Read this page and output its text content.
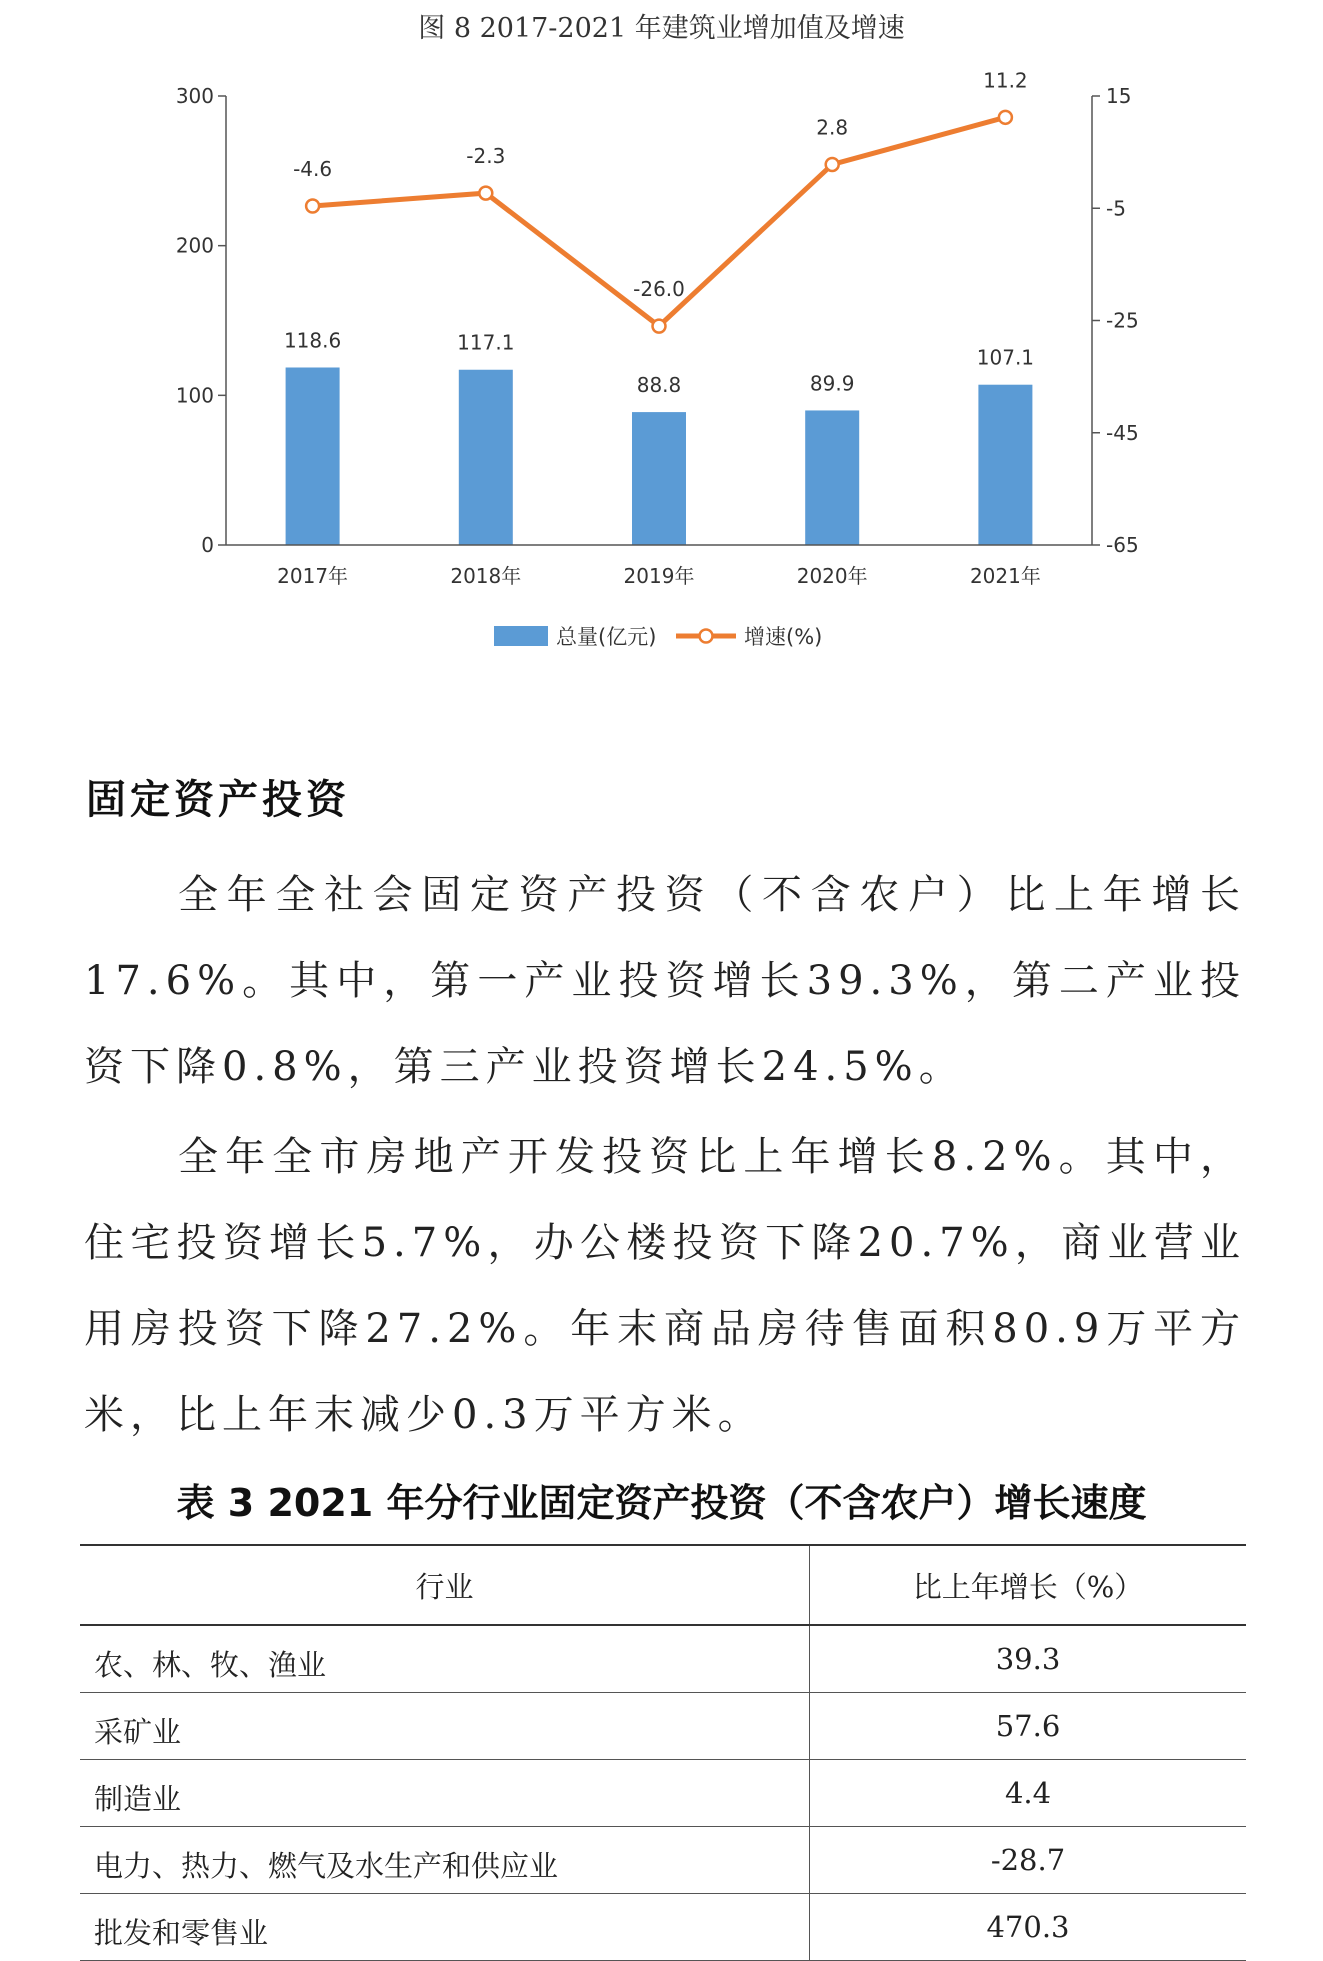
图 8 2017-2021 年建筑业增加值及增速
0
100
200
300	15
-5
-25
-45
-65
118.6	117.1
88.8	89.9
107.1
-4.6
-2.3
-26.0
2.8
11.2
2017年	2018年	2019年	2020年	2021年
总量(亿元)	增速(%)
固定资产投资

全年全社会固定资产投资（不含农户）比上年增长17.6%。其中，第一产业投资增长39.3%，第二产业投资下降0.8%，第三产业投资增长24.5%。

全年全市房地产开发投资比上年增长8.2%。其中，住宅投资增长5.7%，办公楼投资下降20.7%，商业营业用房投资下降27.2%。年末商品房待售面积80.9万平方米，比上年末减少0.3万平方米。

表 3 2021 年分行业固定资产投资（不含农户）增长速度
行业	比上年增长（%）
农、林、牧、渔业	39.3
采矿业	57.6
制造业	4.4
电力、热力、燃气及水生产和供应业	-28.7
批发和零售业	470.3
